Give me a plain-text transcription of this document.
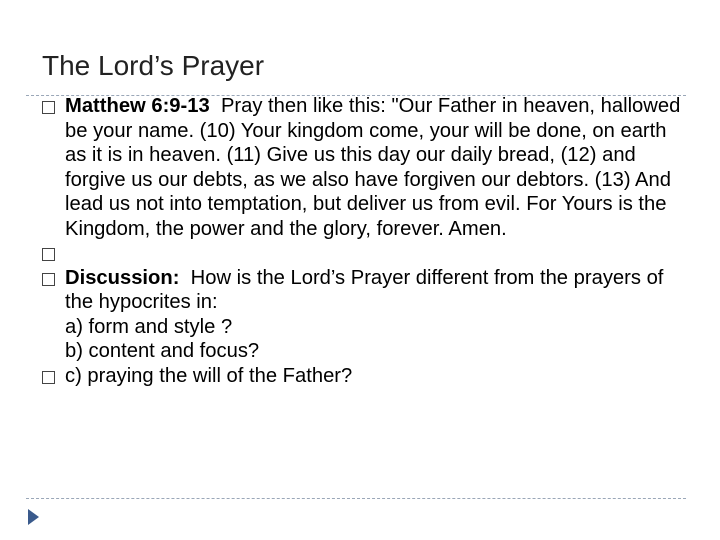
The Lord’s Prayer
Matthew 6:9-13 Pray then like this: "Our Father in heaven, hallowed be your name. (10) Your kingdom come, your will be done, on earth as it is in heaven. (11) Give us this day our daily bread, (12) and forgive us our debts, as we also have forgiven our debtors. (13) And lead us not into temptation, but deliver us from evil. For Yours is the Kingdom, the power and the glory, forever. Amen.
Discussion: How is the Lord’s Prayer different from the prayers of the hypocrites in:
a) form and style ?
b) content and focus?
c) praying the will of the Father?
